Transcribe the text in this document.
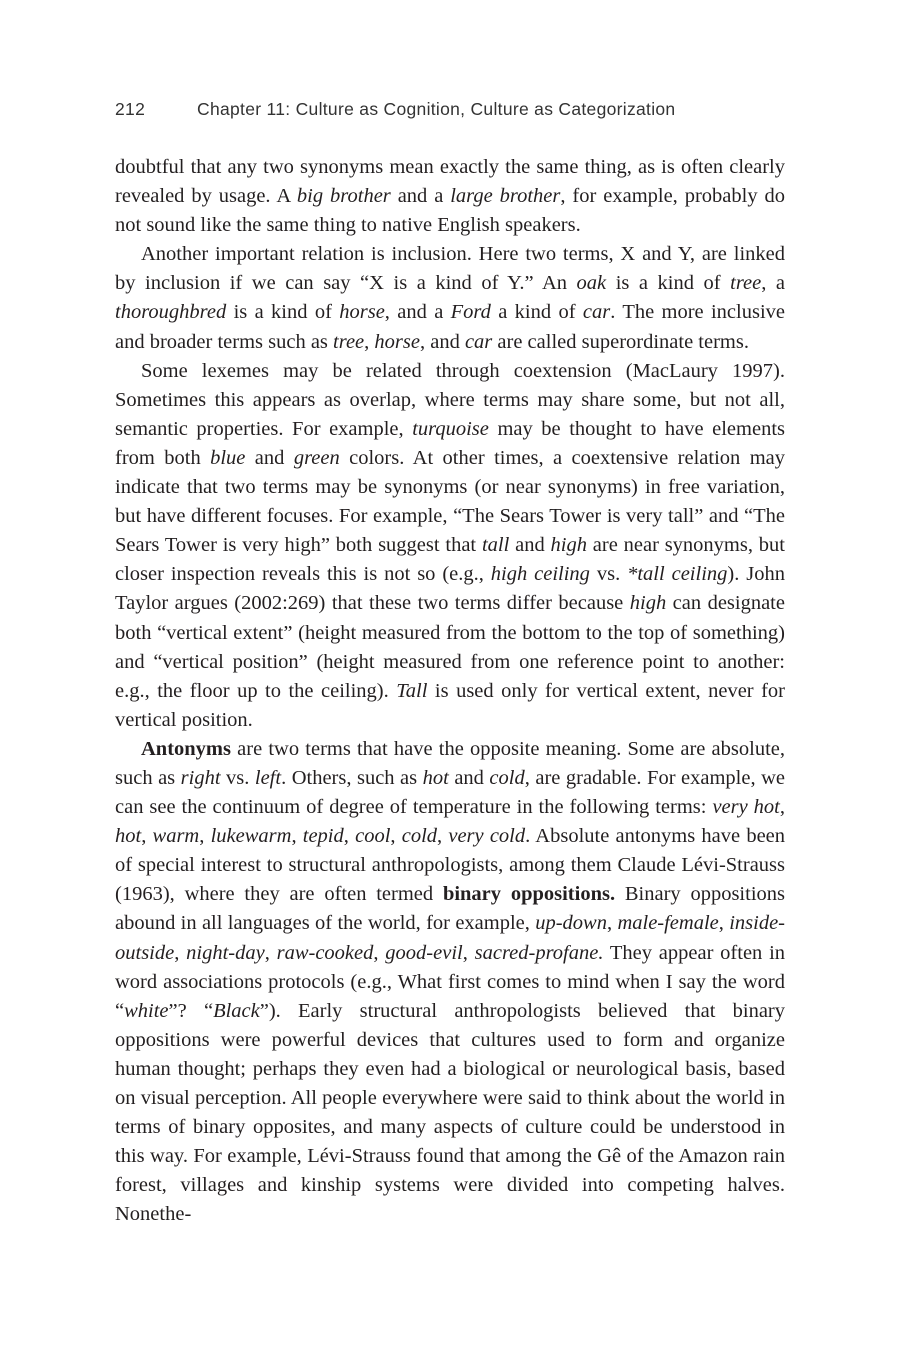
212	Chapter 11: Culture as Cognition, Culture as Categorization

doubtful that any two synonyms mean exactly the same thing, as is often clearly revealed by usage. A big brother and a large brother, for example, probably do not sound like the same thing to native English speakers.

Another important relation is inclusion. Here two terms, X and Y, are linked by inclusion if we can say “X is a kind of Y.” An oak is a kind of tree, a thoroughbred is a kind of horse, and a Ford a kind of car. The more inclusive and broader terms such as tree, horse, and car are called superordinate terms.

Some lexemes may be related through coextension (MacLaury 1997). Sometimes this appears as overlap, where terms may share some, but not all, semantic properties. For example, turquoise may be thought to have elements from both blue and green colors. At other times, a coextensive relation may indicate that two terms may be synonyms (or near synonyms) in free variation, but have different focuses. For example, “The Sears Tower is very tall” and “The Sears Tower is very high” both suggest that tall and high are near synonyms, but closer inspection reveals this is not so (e.g., high ceiling vs. *tall ceiling). John Taylor argues (2002:269) that these two terms differ because high can designate both “vertical extent” (height measured from the bottom to the top of something) and “vertical position” (height measured from one reference point to another: e.g., the floor up to the ceiling). Tall is used only for vertical extent, never for vertical position.

Antonyms are two terms that have the opposite meaning. Some are absolute, such as right vs. left. Others, such as hot and cold, are gradable. For example, we can see the continuum of degree of temperature in the following terms: very hot, hot, warm, lukewarm, tepid, cool, cold, very cold. Absolute antonyms have been of special interest to structural anthropologists, among them Claude Lévi-Strauss (1963), where they are often termed binary oppositions. Binary oppositions abound in all languages of the world, for example, up-down, male-female, inside-outside, night-day, raw-cooked, good-evil, sacred-profane. They appear often in word associations protocols (e.g., What first comes to mind when I say the word “white”? “Black”). Early structural anthropologists believed that binary oppositions were powerful devices that cultures used to form and organize human thought; perhaps they even had a biological or neurological basis, based on visual perception. All people everywhere were said to think about the world in terms of binary opposites, and many aspects of culture could be understood in this way. For example, Lévi-Strauss found that among the Gê of the Amazon rain forest, villages and kinship systems were divided into competing halves. Nonethe-
